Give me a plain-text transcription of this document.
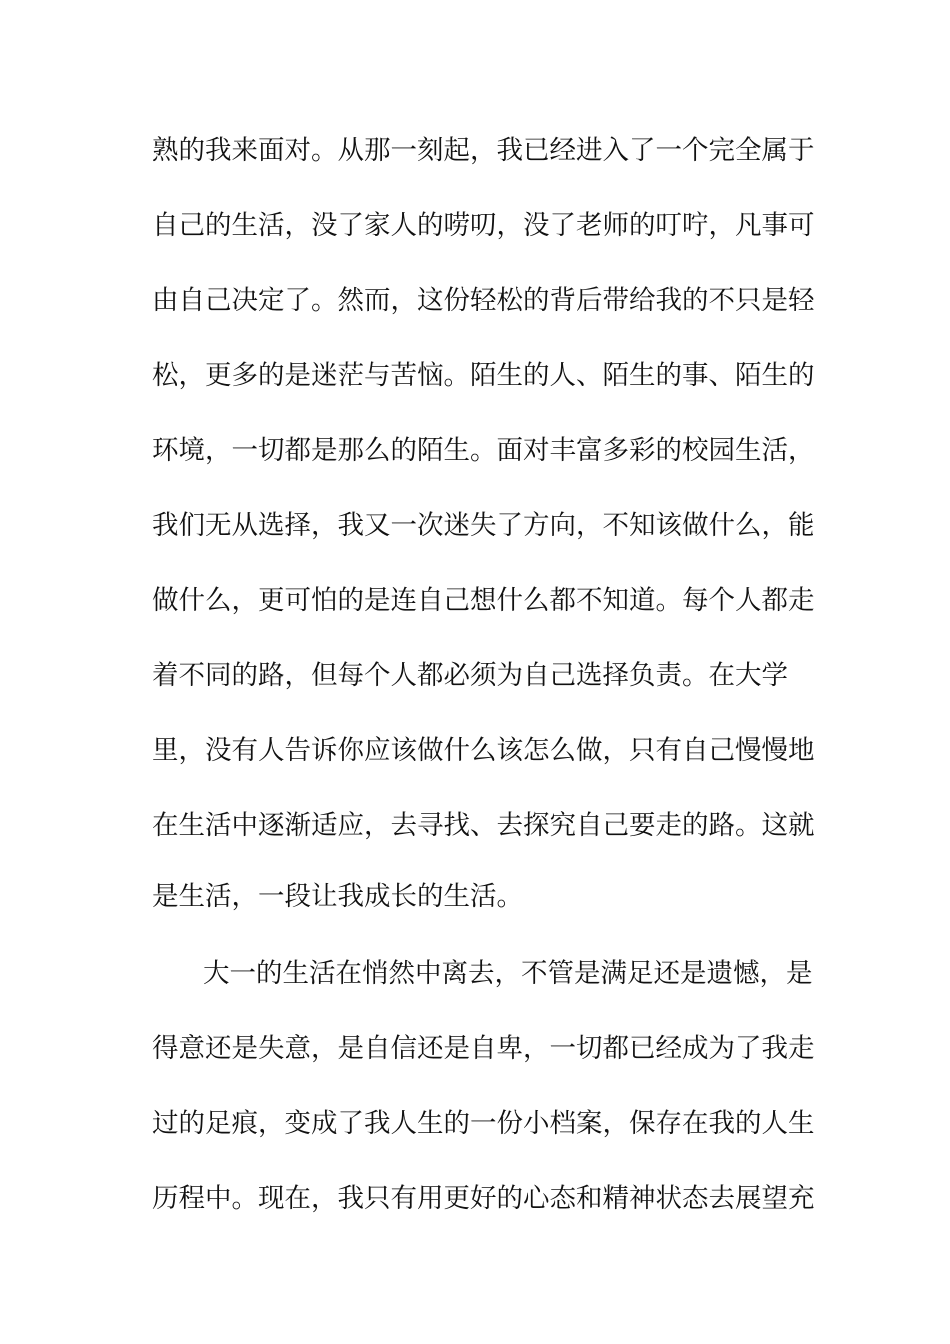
熟的我来面对。从那一刻起，我已经进入了一个完全属于
自己的生活，没了家人的唠叨，没了老师的叮咛，凡事可
由自己决定了。然而，这份轻松的背后带给我的不只是轻
松，更多的是迷茫与苦恼。陌生的人、陌生的事、陌生的
环境，一切都是那么的陌生。面对丰富多彩的校园生活，
我们无从选择，我又一次迷失了方向，不知该做什么，能
做什么，更可怕的是连自己想什么都不知道。每个人都走
着不同的路，但每个人都必须为自己选择负责。在大学
里，没有人告诉你应该做什么该怎么做，只有自己慢慢地
在生活中逐渐适应，去寻找、去探究自己要走的路。这就
是生活，一段让我成长的生活。
大一的生活在悄然中离去，不管是满足还是遗憾，是
得意还是失意，是自信还是自卑，一切都已经成为了我走
过的足痕，变成了我人生的一份小档案，保存在我的人生
历程中。现在，我只有用更好的心态和精神状态去展望充
